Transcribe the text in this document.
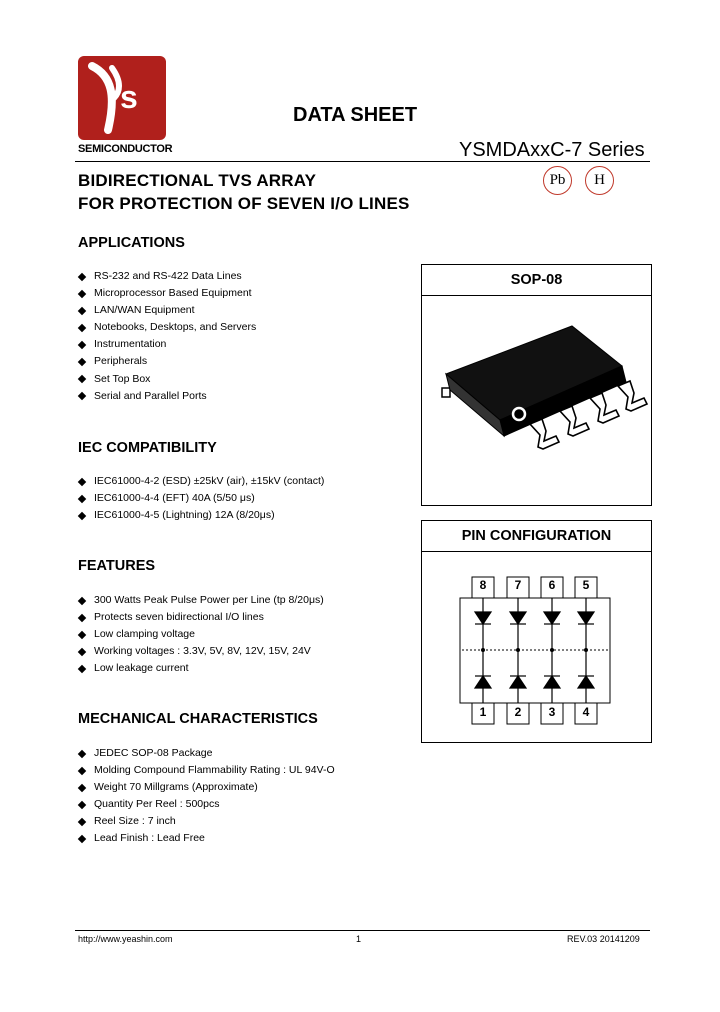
s
SEMICONDUCTOR
DATA SHEET
YSMDAxxC-7 Series
BIDIRECTIONAL TVS ARRAY
FOR PROTECTION OF SEVEN I/O LINES
Pb H
APPLICATIONS
RS-232 and RS-422 Data Lines
Microprocessor Based Equipment
LAN/WAN Equipment
Notebooks, Desktops, and Servers
Instrumentation
Peripherals
Set Top Box
Serial and Parallel Ports
IEC COMPATIBILITY
IEC61000-4-2 (ESD) ±25kV (air), ±15kV (contact)
IEC61000-4-4 (EFT) 40A (5/50 μs)
IEC61000-4-5 (Lightning) 12A (8/20μs)
FEATURES
300 Watts Peak Pulse Power per Line (tp 8/20μs)
Protects seven bidirectional I/O lines
Low clamping voltage
Working voltages : 3.3V, 5V, 8V, 12V, 15V, 24V
Low leakage current
MECHANICAL CHARACTERISTICS
JEDEC SOP-08 Package
Molding Compound Flammability Rating : UL 94V-O
Weight 70 Millgrams (Approximate)
Quantity Per Reel : 500pcs
Reel Size : 7 inch
Lead Finish : Lead Free
SOP-08
PIN CONFIGURATION
8	7	6	5
1	2	3	4
http://www.yeashin.com	1	REV.03 20141209
